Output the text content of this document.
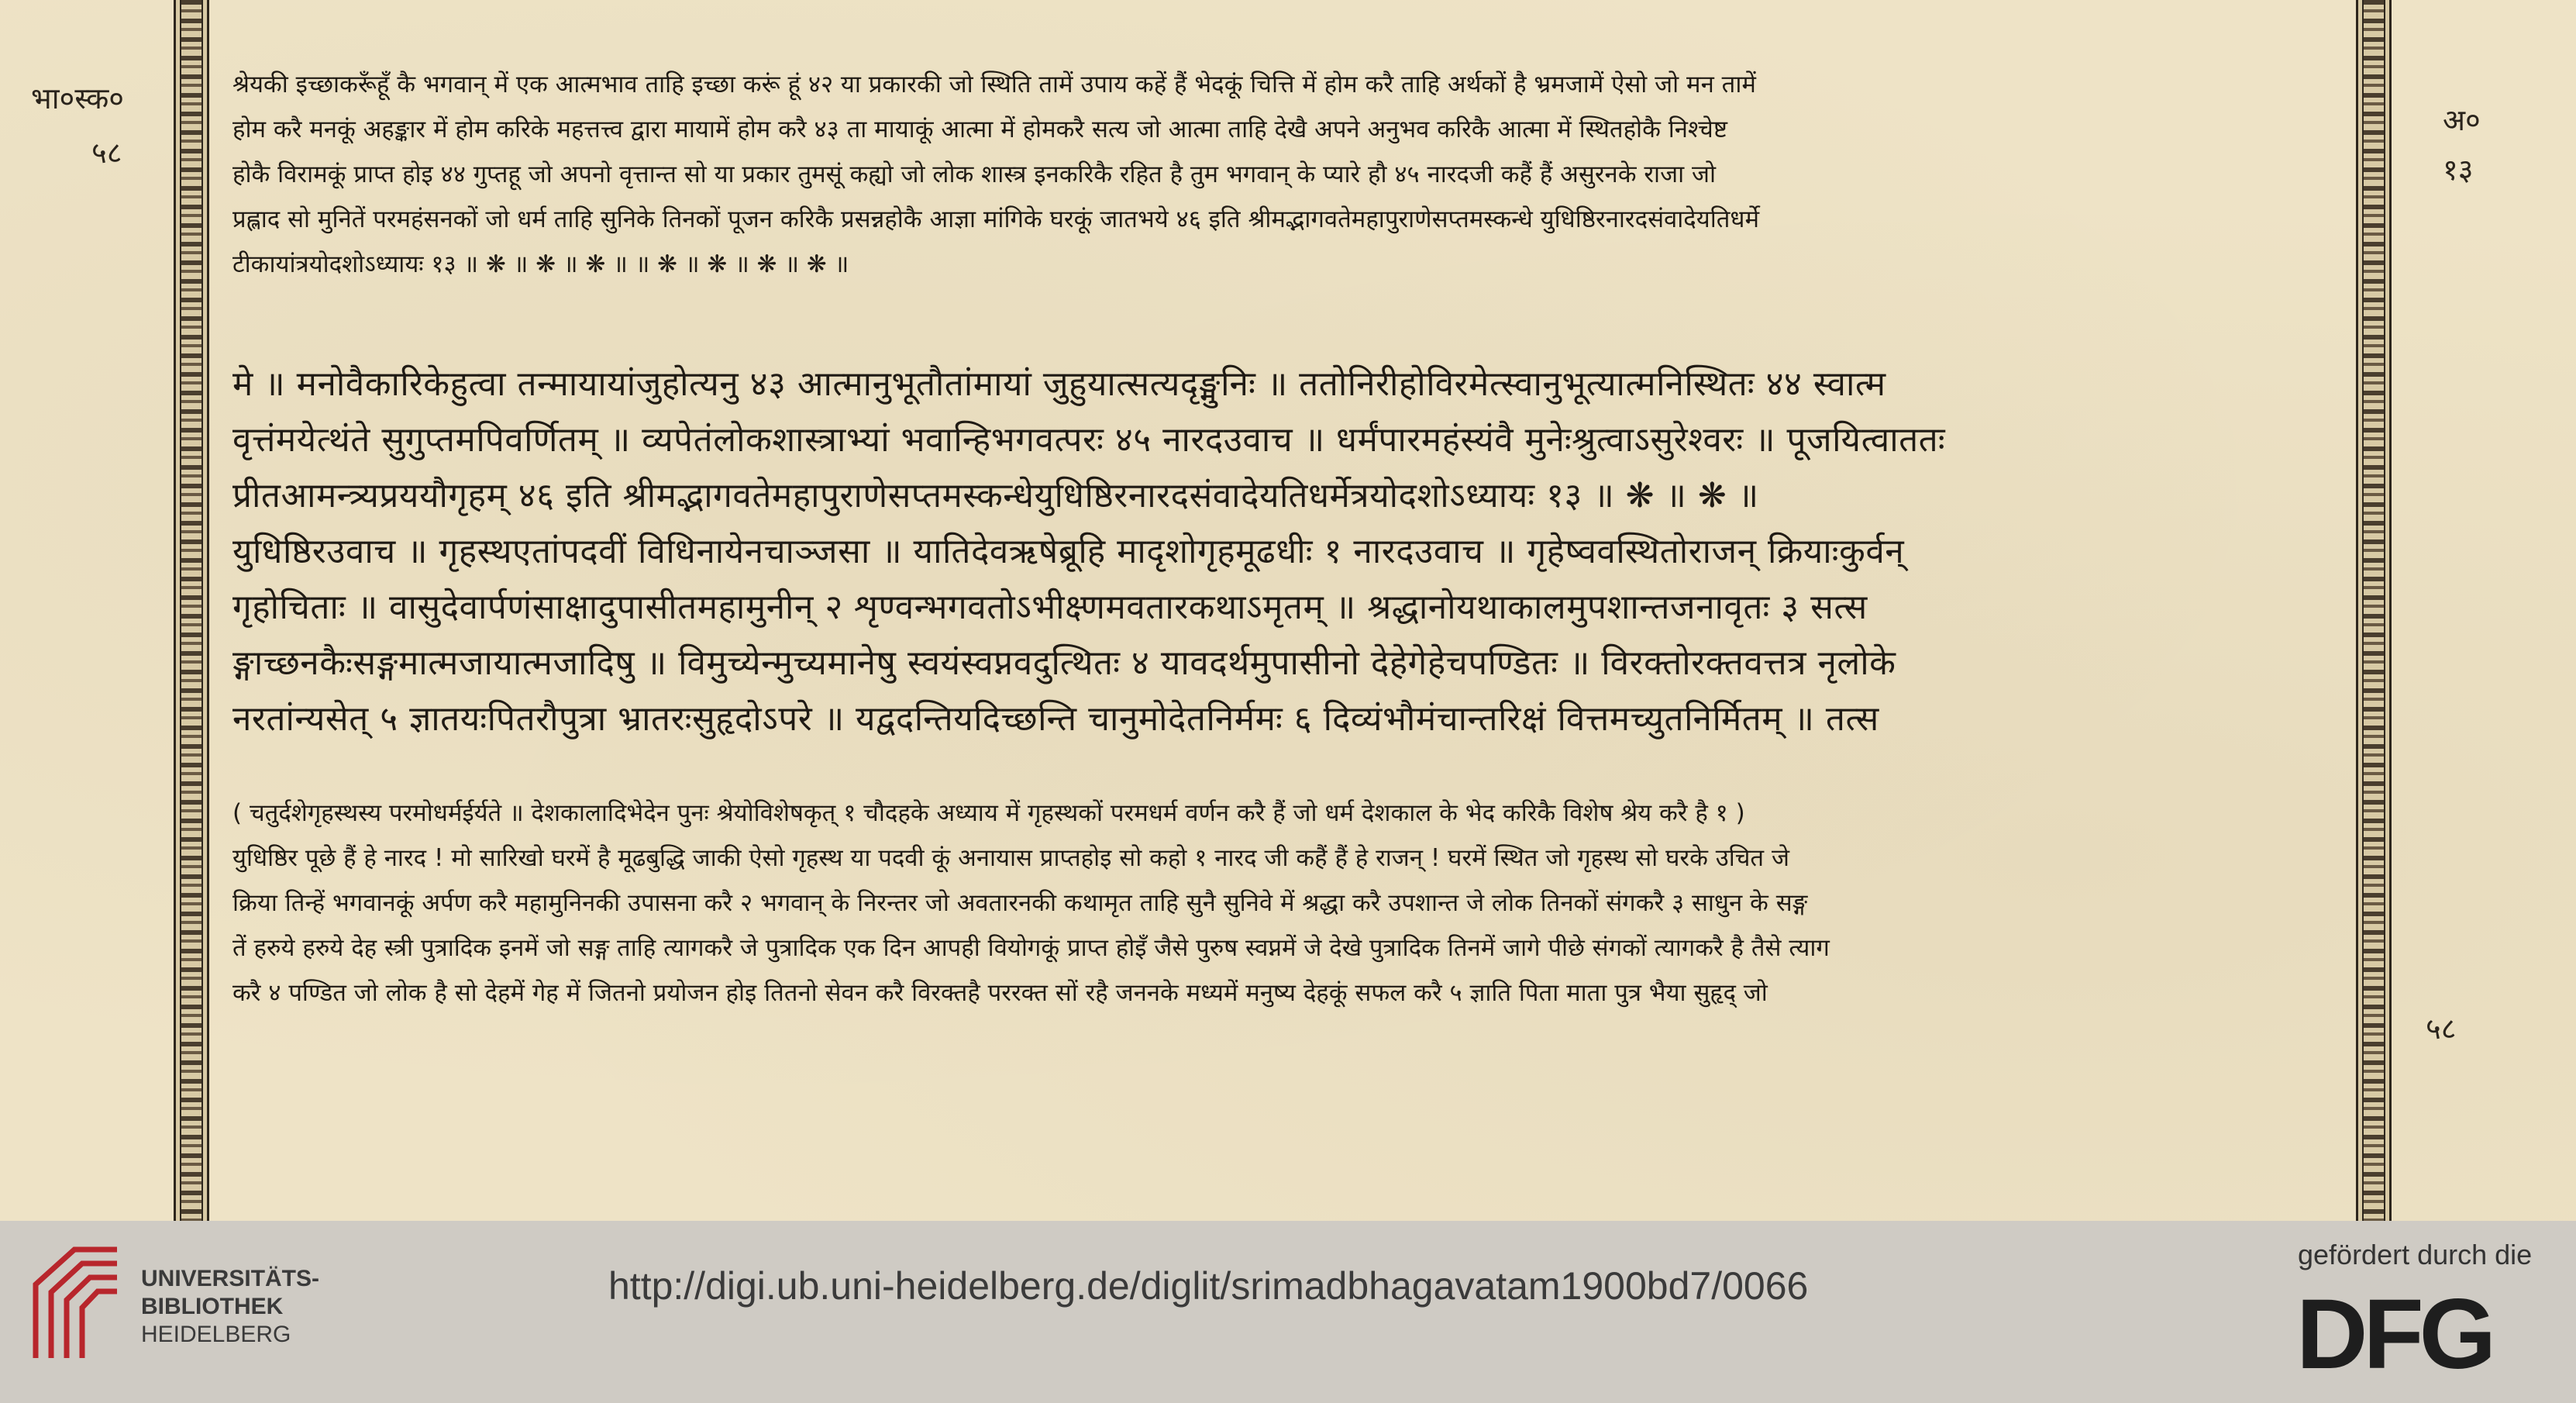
भा०स्क०
५८
अ०
१३
५८
श्रेयकी इच्छाकरूँहूँ कै भगवान् में एक आत्मभाव ताहि इच्छा करूं हूं ४२ या प्रकारकी जो स्थिति तामें उपाय कहें हैं भेदकूं चित्ति में होम करै ताहि अर्थकों है भ्रमजामें ऐसो जो मन तामें
होम करै मनकूं अहङ्कार में होम करिके महत्तत्त्व द्वारा मायामें होम करै ४३ ता मायाकूं आत्मा में होमकरै सत्य जो आत्मा ताहि देखै अपने अनुभव करिकै आत्मा में स्थितहोकै निश्चेष्ट
होकै विरामकूं प्राप्त होइ ४४ गुप्तहू जो अपनो वृत्तान्त सो या प्रकार तुमसूं कह्यो जो लोक शास्त्र इनकरिकै रहित है तुम भगवान् के प्यारे हौ ४५ नारदजी कहैं हैं असुरनके राजा जो
प्रह्लाद सो मुनितें परमहंसनकों जो धर्म ताहि सुनिके तिनकों पूजन करिकै प्रसन्नहोकै आज्ञा मांगिके घरकूं जातभये ४६ इति श्रीमद्भागवतेमहापुराणेसप्तमस्कन्धे युधिष्ठिरनारदसंवादेयतिधर्मे
टीकायांत्रयोदशोऽध्यायः १३ ॥ ❋ ॥ ❋ ॥ ❋ ॥ ॥ ❋ ॥ ❋ ॥ ❋ ॥ ❋ ॥
मे ॥ मनोवैकारिकेहुत्वा तन्मायायांजुहोत्यनु ४३ आत्मानुभूतौतांमायां जुहुयात्सत्यदृङ्मुनिः ॥ ततोनिरीहोविरमेत्स्वानुभूत्यात्मनिस्थितः ४४ स्वात्म
वृत्तंमयेत्थंते सुगुप्तमपिवर्णितम् ॥ व्यपेतंलोकशास्त्राभ्यां भवान्हिभगवत्परः ४५ नारदउवाच ॥ धर्मंपारमहंस्यंवै मुनेःश्रुत्वाऽसुरेश्वरः ॥ पूजयित्वाततः
प्रीतआमन्त्र्यप्रययौगृहम् ४६ इति श्रीमद्भागवतेमहापुराणेसप्तमस्कन्धेयुधिष्ठिरनारदसंवादेयतिधर्मेत्रयोदशोऽध्यायः १३ ॥ ❋ ॥ ❋ ॥
युधिष्ठिरउवाच ॥ गृहस्थएतांपदवीं विधिनायेनचाञ्जसा ॥ यातिदेवऋषेब्रूहि मादृशोगृहमूढधीः १ नारदउवाच ॥ गृहेष्ववस्थितोराजन् क्रियाःकुर्वन्
गृहोचिताः ॥ वासुदेवार्पणंसाक्षादुपासीतमहामुनीन् २ शृण्वन्भगवतोऽभीक्ष्णमवतारकथाऽमृतम् ॥ श्रद्धानोयथाकालमुपशान्तजनावृतः ३ सत्स
ङ्गाच्छनकैःसङ्गमात्मजायात्मजादिषु ॥ विमुच्येन्मुच्यमानेषु स्वयंस्वप्नवदुत्थितः ४ यावदर्थमुपासीनो देहेगेहेचपण्डितः ॥ विरक्तोरक्तवत्तत्र नृलोके
नरतांन्यसेत् ५ ज्ञातयःपितरौपुत्रा भ्रातरःसुहृदोऽपरे ॥ यद्वदन्तियदिच्छन्ति चानुमोदेतनिर्ममः ६ दिव्यंभौमंचान्तरिक्षं वित्तमच्युतनिर्मितम् ॥ तत्स
( चतुर्दशेगृहस्थस्य परमोधर्मईर्यते ॥ देशकालादिभेदेन पुनः श्रेयोविशेषकृत् १ चौदहके अध्याय में गृहस्थकों परमधर्म वर्णन करै हैं जो धर्म देशकाल के भेद करिकै विशेष श्रेय करै है १ )
युधिष्ठिर पूछे हैं हे नारद ! मो सारिखो घरमें है मूढबुद्धि जाकी ऐसो गृहस्थ या पदवी कूं अनायास प्राप्तहोइ सो कहो १ नारद जी कहैं हैं हे राजन् ! घरमें स्थित जो गृहस्थ सो घरके उचित जे
क्रिया तिन्हें भगवानकूं अर्पण करै महामुनिनकी उपासना करै २ भगवान् के निरन्तर जो अवतारनकी कथामृत ताहि सुनै सुनिवे में श्रद्धा करै उपशान्त जे लोक तिनकों संगकरै ३ साधुन के सङ्ग
तें हरुये हरुये देह स्त्री पुत्रादिक इनमें जो सङ्ग ताहि त्यागकरै जे पुत्रादिक एक दिन आपही वियोगकूं प्राप्त होइँ जैसे पुरुष स्वप्नमें जे देखे पुत्रादिक तिनमें जागे पीछे संगकों त्यागकरै है तैसे त्याग
करै ४ पण्डित जो लोक है सो देहमें गेह में जितनो प्रयोजन होइ तितनो सेवन करै विरक्तहै पररक्त सों रहै जननके मध्यमें मनुष्य देहकूं सफल करै ५ ज्ञाति पिता माता पुत्र भैया सुहृद् जो
UNIVERSITÄTS-
BIBLIOTHEK
HEIDELBERG
http://digi.ub.uni-heidelberg.de/diglit/srimadbhagavatam1900bd7/0066
gefördert durch die
DFG
